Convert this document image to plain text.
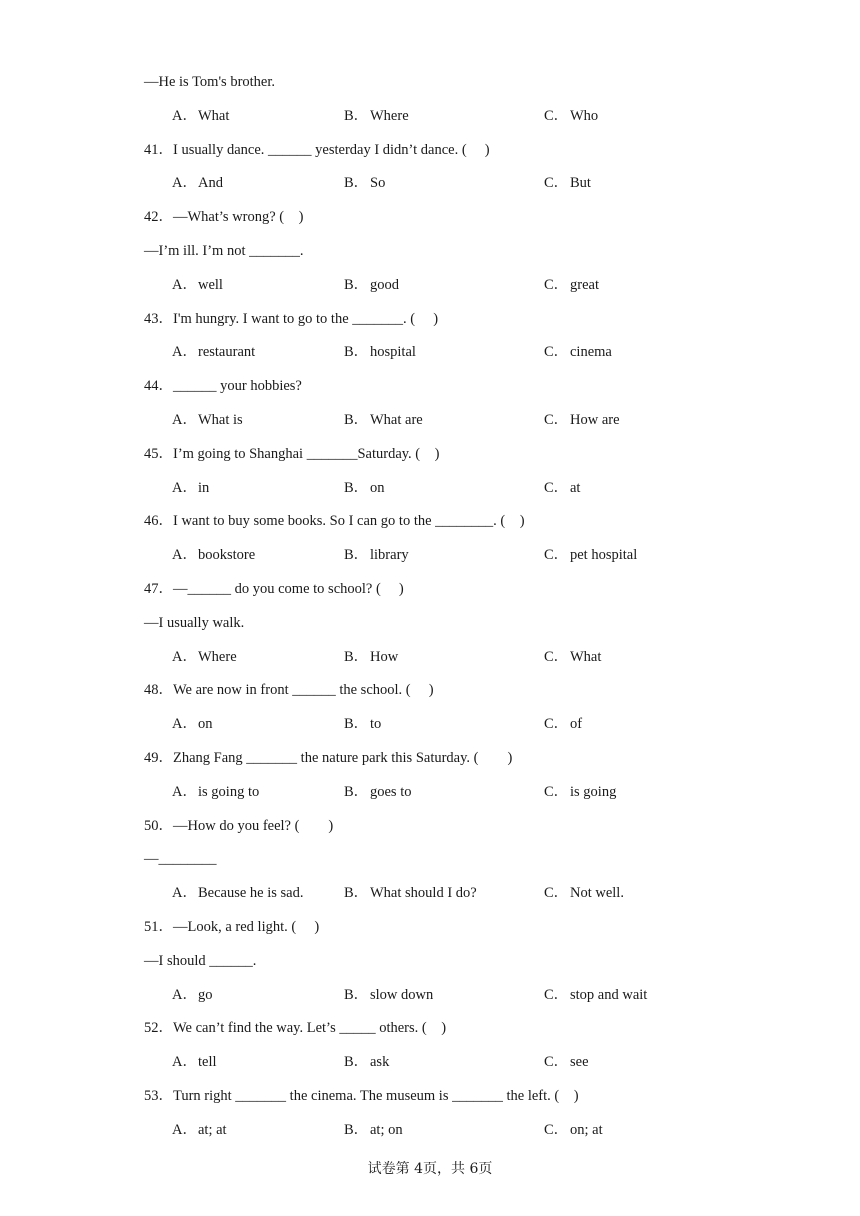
—He is Tom's brother.
A．What	B． Where	C． Who
41．I usually dance. ______ yesterday I didn’t dance. (     )
A．And	B． So	C． But
42．—What’s wrong? (    )
—I’m ill. I’m not _______.
A．well	B． good	C． great
43．I'm hungry. I want to go to the _______. (     )
A．restaurant	B． hospital	C． cinema
44．______ your hobbies?
A．What is	B． What are	C． How are
45．I’m going to Shanghai _______Saturday. (    )
A．in	B． on	C． at
46．I want to buy some books. So I can go to the ________. (    )
A．bookstore	B． library	C． pet hospital
47．—______ do you come to school? (     )
—I usually walk.
A．Where	B． How	C． What
48．We are now in front ______ the school. (     )
A．on	B． to	C． of
49．Zhang Fang _______ the nature park this Saturday. (        )
A．is going to	B． goes to	C． is going
50．—How do you feel? (        )
—________
A．Because he is sad.	B． What should I do?	C． Not well.
51．—Look, a red light. (     )
—I should ______.
A．go	B． slow down	C． stop and wait
52．We can’t find the way. Let’s _____ others. (    )
A．tell	B． ask	C． see
53．Turn right _______ the cinema. The museum is _______ the left. (    )
A．at; at	B． at; on	C． on; at
试卷第 4页，共 6页
